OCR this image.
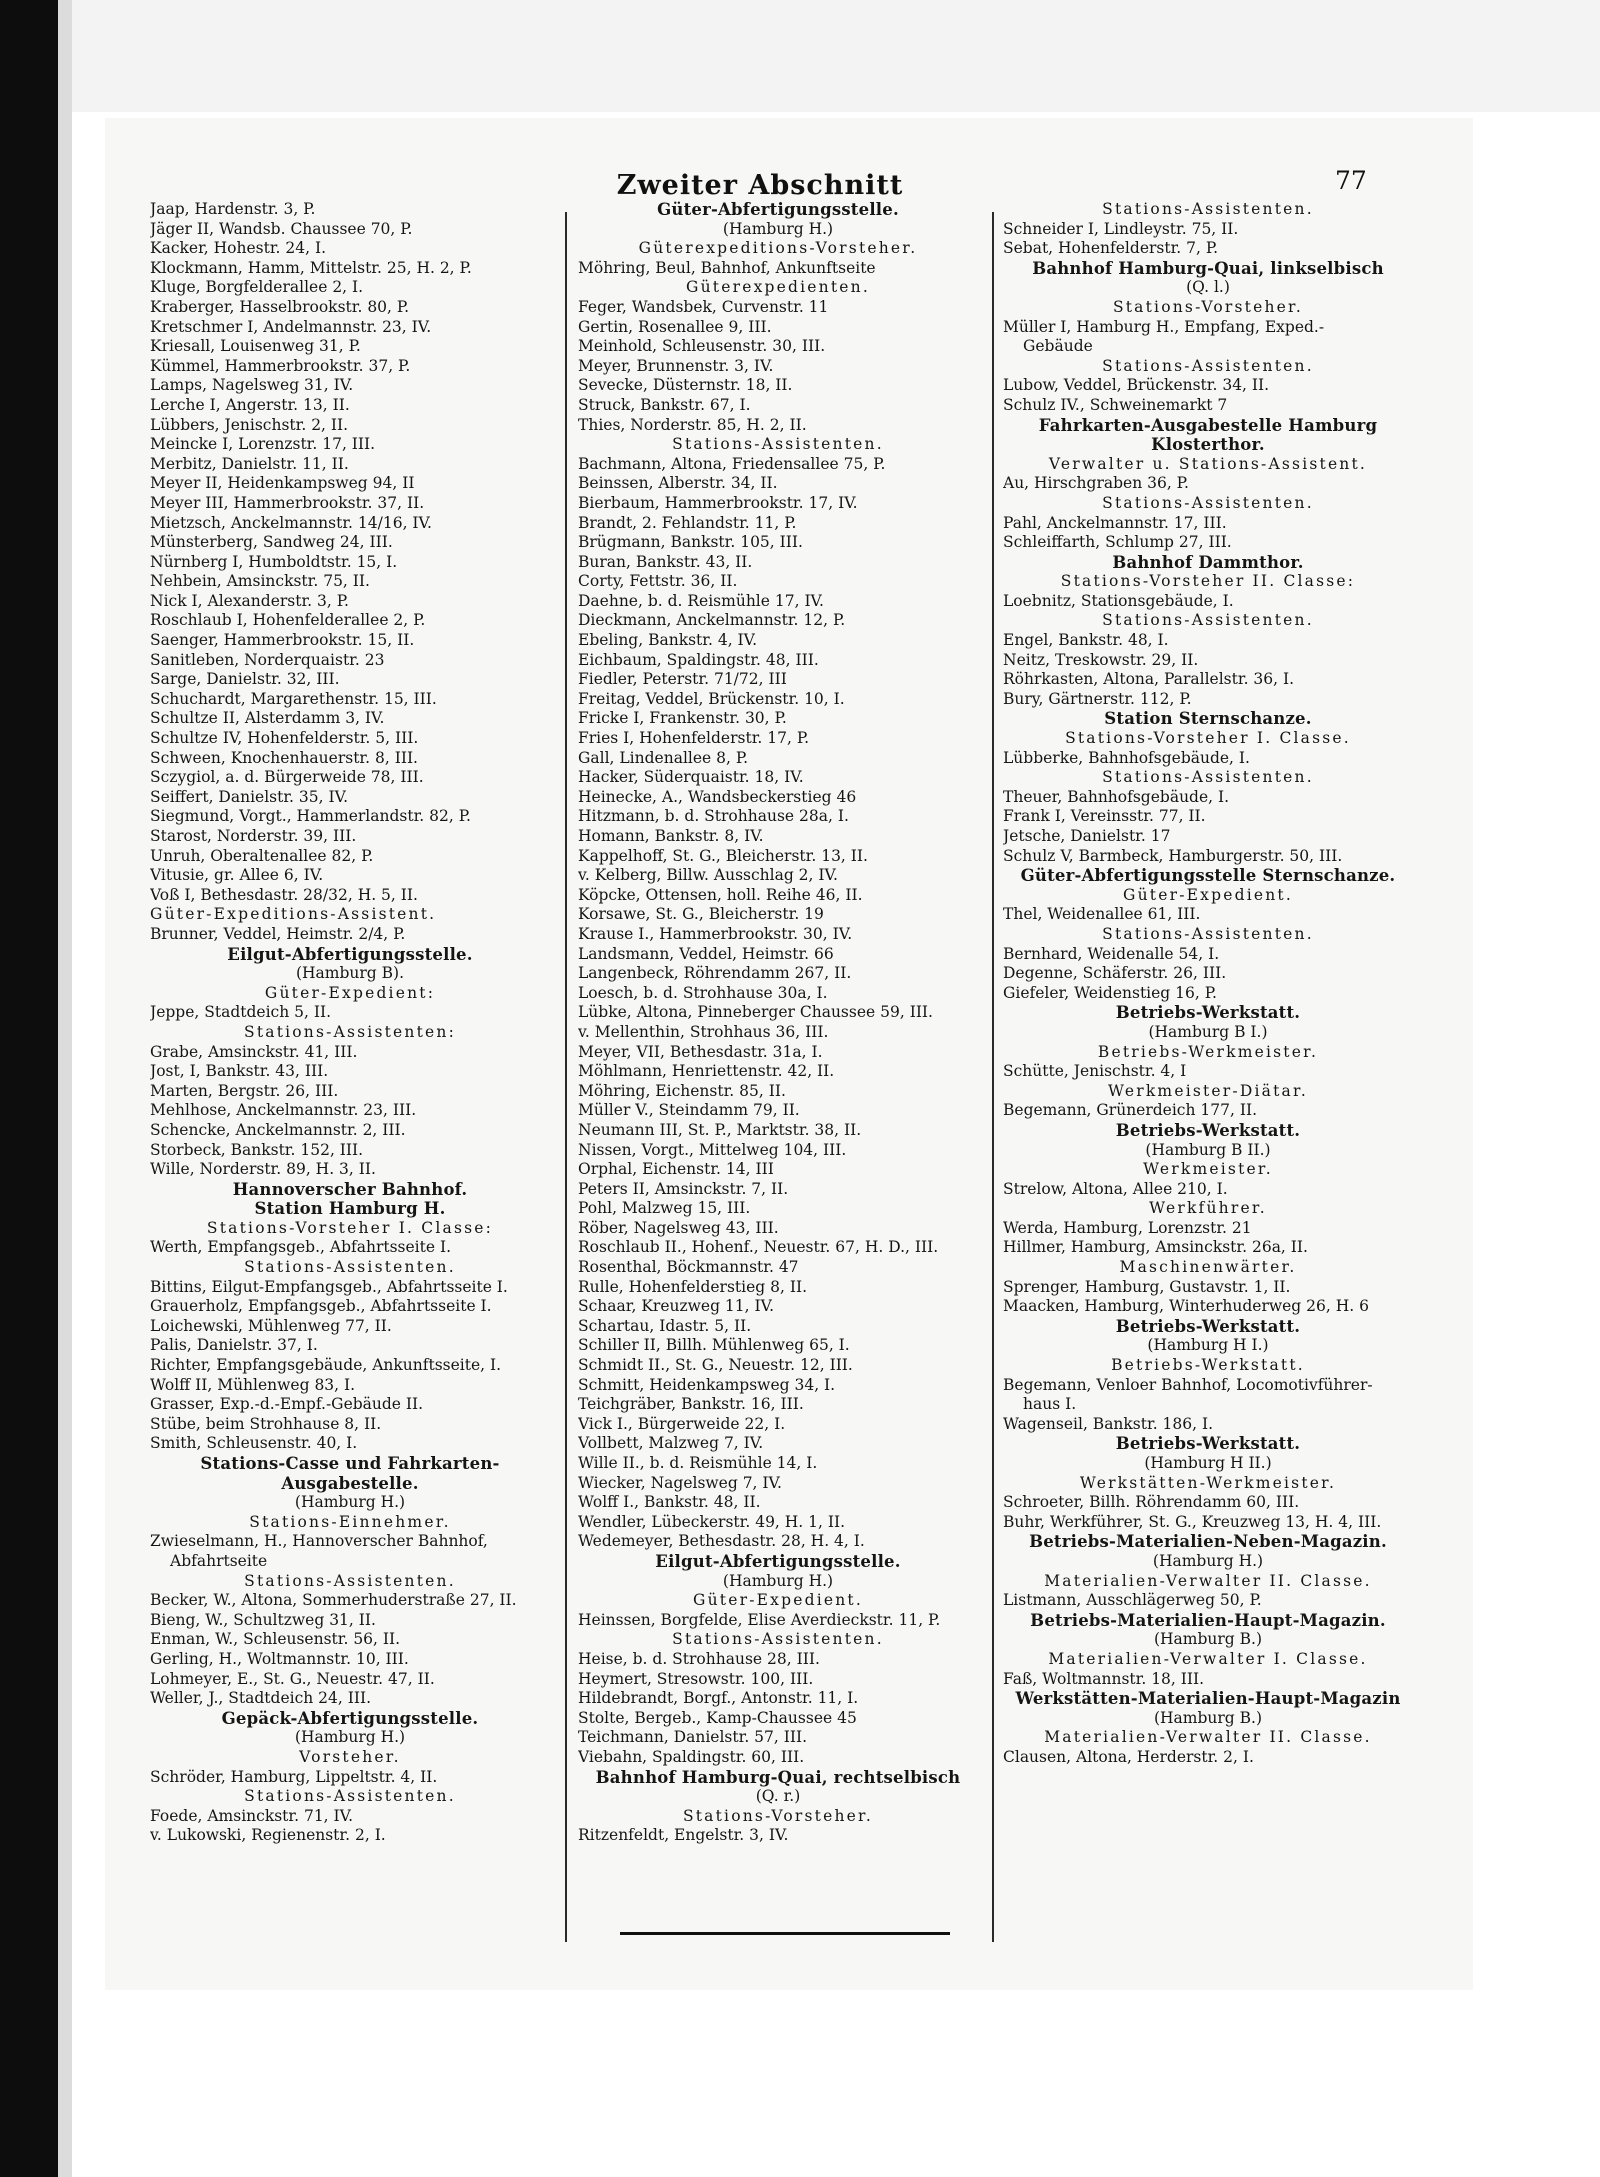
Zweiter Abschnitt	77
Jaap, Hardenstr. 3, P.
Jäger II, Wandsb. Chaussee 70, P.
Kacker, Hohestr. 24, I.
Klockmann, Hamm, Mittelstr. 25, H. 2, P.
Kluge, Borgfelderallee 2, I.
Kraberger, Hasselbrookstr. 80, P.
Kretschmer I, Andelmannstr. 23, IV.
Kriesall, Louisenweg 31, P.
Kümmel, Hammerbrookstr. 37, P.
Lamps, Nagelsweg 31, IV.
Lerche I, Angerstr. 13, II.
Lübbers, Jenischstr. 2, II.
Meincke I, Lorenzstr. 17, III.
Merbitz, Danielstr. 11, II.
Meyer II, Heidenkampsweg 94, II
Meyer III, Hammerbrookstr. 37, II.
Mietzsch, Anckelmannstr. 14/16, IV.
Münsterberg, Sandweg 24, III.
Nürnberg I, Humboldtstr. 15, I.
Nehbein, Amsinckstr. 75, II.
Nick I, Alexanderstr. 3, P.
Roschlaub I, Hohenfelderallee 2, P.
Saenger, Hammerbrookstr. 15, II.
Sanitleben, Norderquaistr. 23
Sarge, Danielstr. 32, III.
Schuchardt, Margarethenstr. 15, III.
Schultze II, Alsterdamm 3, IV.
Schultze IV, Hohenfelderstr. 5, III.
Schween, Knochenhauerstr. 8, III.
Sczygiol, a. d. Bürgerweide 78, III.
Seiffert, Danielstr. 35, IV.
Siegmund, Vorgt., Hammerlandstr. 82, P.
Starost, Norderstr. 39, III.
Unruh, Oberaltenallee 82, P.
Vitusie, gr. Allee 6, IV.
Voß I, Bethesdastr. 28/32, H. 5, II.
Güter-Expeditions-Assistent.
Brunner, Veddel, Heimstr. 2/4, P.
Eilgut-Abfertigungsstelle.
(Hamburg B).
Güter-Expedient:
Jeppe, Stadtdeich 5, II.
Stations-Assistenten:
Grabe, Amsinckstr. 41, III.
Jost, I, Bankstr. 43, III.
Marten, Bergstr. 26, III.
Mehlhose, Anckelmannstr. 23, III.
Schencke, Anckelmannstr. 2, III.
Storbeck, Bankstr. 152, III.
Wille, Norderstr. 89, H. 3, II.
Hannoverscher Bahnhof.
Station Hamburg H.
Stations-Vorsteher I. Classe:
Werth, Empfangsgeb., Abfahrtsseite I.
Stations-Assistenten.
Bittins, Eilgut-Empfangsgeb., Abfahrtsseite I.
Grauerholz, Empfangsgeb., Abfahrtsseite I.
Loichewski, Mühlenweg 77, II.
Palis, Danielstr. 37, I.
Richter, Empfangsgebäude, Ankunftsseite, I.
Wolff II, Mühlenweg 83, I.
Grasser, Exp.-d.-Empf.-Gebäude II.
Stübe, beim Strohhause 8, II.
Smith, Schleusenstr. 40, I.
Stations-Casse und Fahrkarten-
Ausgabestelle.
(Hamburg H.)
Stations-Einnehmer.
Zwieselmann, H., Hannoverscher Bahnhof,
Abfahrtseite
Stations-Assistenten.
Becker, W., Altona, Sommerhuderstraße 27, II.
Bieng, W., Schultzweg 31, II.
Enman, W., Schleusenstr. 56, II.
Gerling, H., Woltmannstr. 10, III.
Lohmeyer, E., St. G., Neuestr. 47, II.
Weller, J., Stadtdeich 24, III.
Gepäck-Abfertigungsstelle.
(Hamburg H.)
Vorsteher.
Schröder, Hamburg, Lippeltstr. 4, II.
Stations-Assistenten.
Foede, Amsinckstr. 71, IV.
v. Lukowski, Regienenstr. 2, I.
Güter-Abfertigungsstelle.
(Hamburg H.)
Güterexpeditions-Vorsteher.
Möhring, Beul, Bahnhof, Ankunftseite
Güterexpedienten.
Feger, Wandsbek, Curvenstr. 11
Gertin, Rosenallee 9, III.
Meinhold, Schleusenstr. 30, III.
Meyer, Brunnenstr. 3, IV.
Sevecke, Düsternstr. 18, II.
Struck, Bankstr. 67, I.
Thies, Norderstr. 85, H. 2, II.
Stations-Assistenten.
Bachmann, Altona, Friedensallee 75, P.
Beinssen, Alberstr. 34, II.
Bierbaum, Hammerbrookstr. 17, IV.
Brandt, 2. Fehlandstr. 11, P.
Brügmann, Bankstr. 105, III.
Buran, Bankstr. 43, II.
Corty, Fettstr. 36, II.
Daehne, b. d. Reismühle 17, IV.
Dieckmann, Anckelmannstr. 12, P.
Ebeling, Bankstr. 4, IV.
Eichbaum, Spaldingstr. 48, III.
Fiedler, Peterstr. 71/72, III
Freitag, Veddel, Brückenstr. 10, I.
Fricke I, Frankenstr. 30, P.
Fries I, Hohenfelderstr. 17, P.
Gall, Lindenallee 8, P.
Hacker, Süderquaistr. 18, IV.
Heinecke, A., Wandsbeckerstieg 46
Hitzmann, b. d. Strohhause 28a, I.
Homann, Bankstr. 8, IV.
Kappelhoff, St. G., Bleicherstr. 13, II.
v. Kelberg, Billw. Ausschlag 2, IV.
Köpcke, Ottensen, holl. Reihe 46, II.
Korsawe, St. G., Bleicherstr. 19
Krause I., Hammerbrookstr. 30, IV.
Landsmann, Veddel, Heimstr. 66
Langenbeck, Röhrendamm 267, II.
Loesch, b. d. Strohhause 30a, I.
Lübke, Altona, Pinneberger Chaussee 59, III.
v. Mellenthin, Strohhaus 36, III.
Meyer, VII, Bethesdastr. 31a, I.
Möhlmann, Henriettenstr. 42, II.
Möhring, Eichenstr. 85, II.
Müller V., Steindamm 79, II.
Neumann III, St. P., Marktstr. 38, II.
Nissen, Vorgt., Mittelweg 104, III.
Orphal, Eichenstr. 14, III
Peters II, Amsinckstr. 7, II.
Pohl, Malzweg 15, III.
Röber, Nagelsweg 43, III.
Roschlaub II., Hohenf., Neuestr. 67, H. D., III.
Rosenthal, Böckmannstr. 47
Rulle, Hohenfelderstieg 8, II.
Schaar, Kreuzweg 11, IV.
Schartau, Idastr. 5, II.
Schiller II, Billh. Mühlenweg 65, I.
Schmidt II., St. G., Neuestr. 12, III.
Schmitt, Heidenkampsweg 34, I.
Teichgräber, Bankstr. 16, III.
Vick I., Bürgerweide 22, I.
Vollbett, Malzweg 7, IV.
Wille II., b. d. Reismühle 14, I.
Wiecker, Nagelsweg 7, IV.
Wolff I., Bankstr. 48, II.
Wendler, Lübeckerstr. 49, H. 1, II.
Wedemeyer, Bethesdastr. 28, H. 4, I.
Eilgut-Abfertigungsstelle.
(Hamburg H.)
Güter-Expedient.
Heinssen, Borgfelde, Elise Averdieckstr. 11, P.
Stations-Assistenten.
Heise, b. d. Strohhause 28, III.
Heymert, Stresowstr. 100, III.
Hildebrandt, Borgf., Antonstr. 11, I.
Stolte, Bergeb., Kamp-Chaussee 45
Teichmann, Danielstr. 57, III.
Viebahn, Spaldingstr. 60, III.
Bahnhof Hamburg-Quai, rechtselbisch
(Q. r.)
Stations-Vorsteher.
Ritzenfeldt, Engelstr. 3, IV.
Stations-Assistenten.
Schneider I, Lindleystr. 75, II.
Sebat, Hohenfelderstr. 7, P.
Bahnhof Hamburg-Quai, linkselbisch
(Q. l.)
Stations-Vorsteher.
Müller I, Hamburg H., Empfang, Exped.-
Gebäude
Stations-Assistenten.
Lubow, Veddel, Brückenstr. 34, II.
Schulz IV., Schweinemarkt 7
Fahrkarten-Ausgabestelle Hamburg
Klosterthor.
Verwalter u. Stations-Assistent.
Au, Hirschgraben 36, P.
Stations-Assistenten.
Pahl, Anckelmannstr. 17, III.
Schleiffarth, Schlump 27, III.
Bahnhof Dammthor.
Stations-Vorsteher II. Classe:
Loebnitz, Stationsgebäude, I.
Stations-Assistenten.
Engel, Bankstr. 48, I.
Neitz, Treskowstr. 29, II.
Röhrkasten, Altona, Parallelstr. 36, I.
Bury, Gärtnerstr. 112, P.
Station Sternschanze.
Stations-Vorsteher I. Classe.
Lübberke, Bahnhofsgebäude, I.
Stations-Assistenten.
Theuer, Bahnhofsgebäude, I.
Frank I, Vereinsstr. 77, II.
Jetsche, Danielstr. 17
Schulz V, Barmbeck, Hamburgerstr. 50, III.
Güter-Abfertigungsstelle Sternschanze.
Güter-Expedient.
Thel, Weidenallee 61, III.
Stations-Assistenten.
Bernhard, Weidenalle 54, I.
Degenne, Schäferstr. 26, III.
Giefeler, Weidenstieg 16, P.
Betriebs-Werkstatt.
(Hamburg B I.)
Betriebs-Werkmeister.
Schütte, Jenischstr. 4, I
Werkmeister-Diätar.
Begemann, Grünerdeich 177, II.
Betriebs-Werkstatt.
(Hamburg B II.)
Werkmeister.
Strelow, Altona, Allee 210, I.
Werkführer.
Werda, Hamburg, Lorenzstr. 21
Hillmer, Hamburg, Amsinckstr. 26a, II.
Maschinenwärter.
Sprenger, Hamburg, Gustavstr. 1, II.
Maacken, Hamburg, Winterhuderweg 26, H. 6
Betriebs-Werkstatt.
(Hamburg H I.)
Betriebs-Werkstatt.
Begemann, Venloer Bahnhof, Locomotivführer-
haus I.
Wagenseil, Bankstr. 186, I.
Betriebs-Werkstatt.
(Hamburg H II.)
Werkstätten-Werkmeister.
Schroeter, Billh. Röhrendamm 60, III.
Buhr, Werkführer, St. G., Kreuzweg 13, H. 4, III.
Betriebs-Materialien-Neben-Magazin.
(Hamburg H.)
Materialien-Verwalter II. Classe.
Listmann, Ausschlägerweg 50, P.
Betriebs-Materialien-Haupt-Magazin.
(Hamburg B.)
Materialien-Verwalter I. Classe.
Faß, Woltmannstr. 18, III.
Werkstätten-Materialien-Haupt-Magazin
(Hamburg B.)
Materialien-Verwalter II. Classe.
Clausen, Altona, Herderstr. 2, I.
